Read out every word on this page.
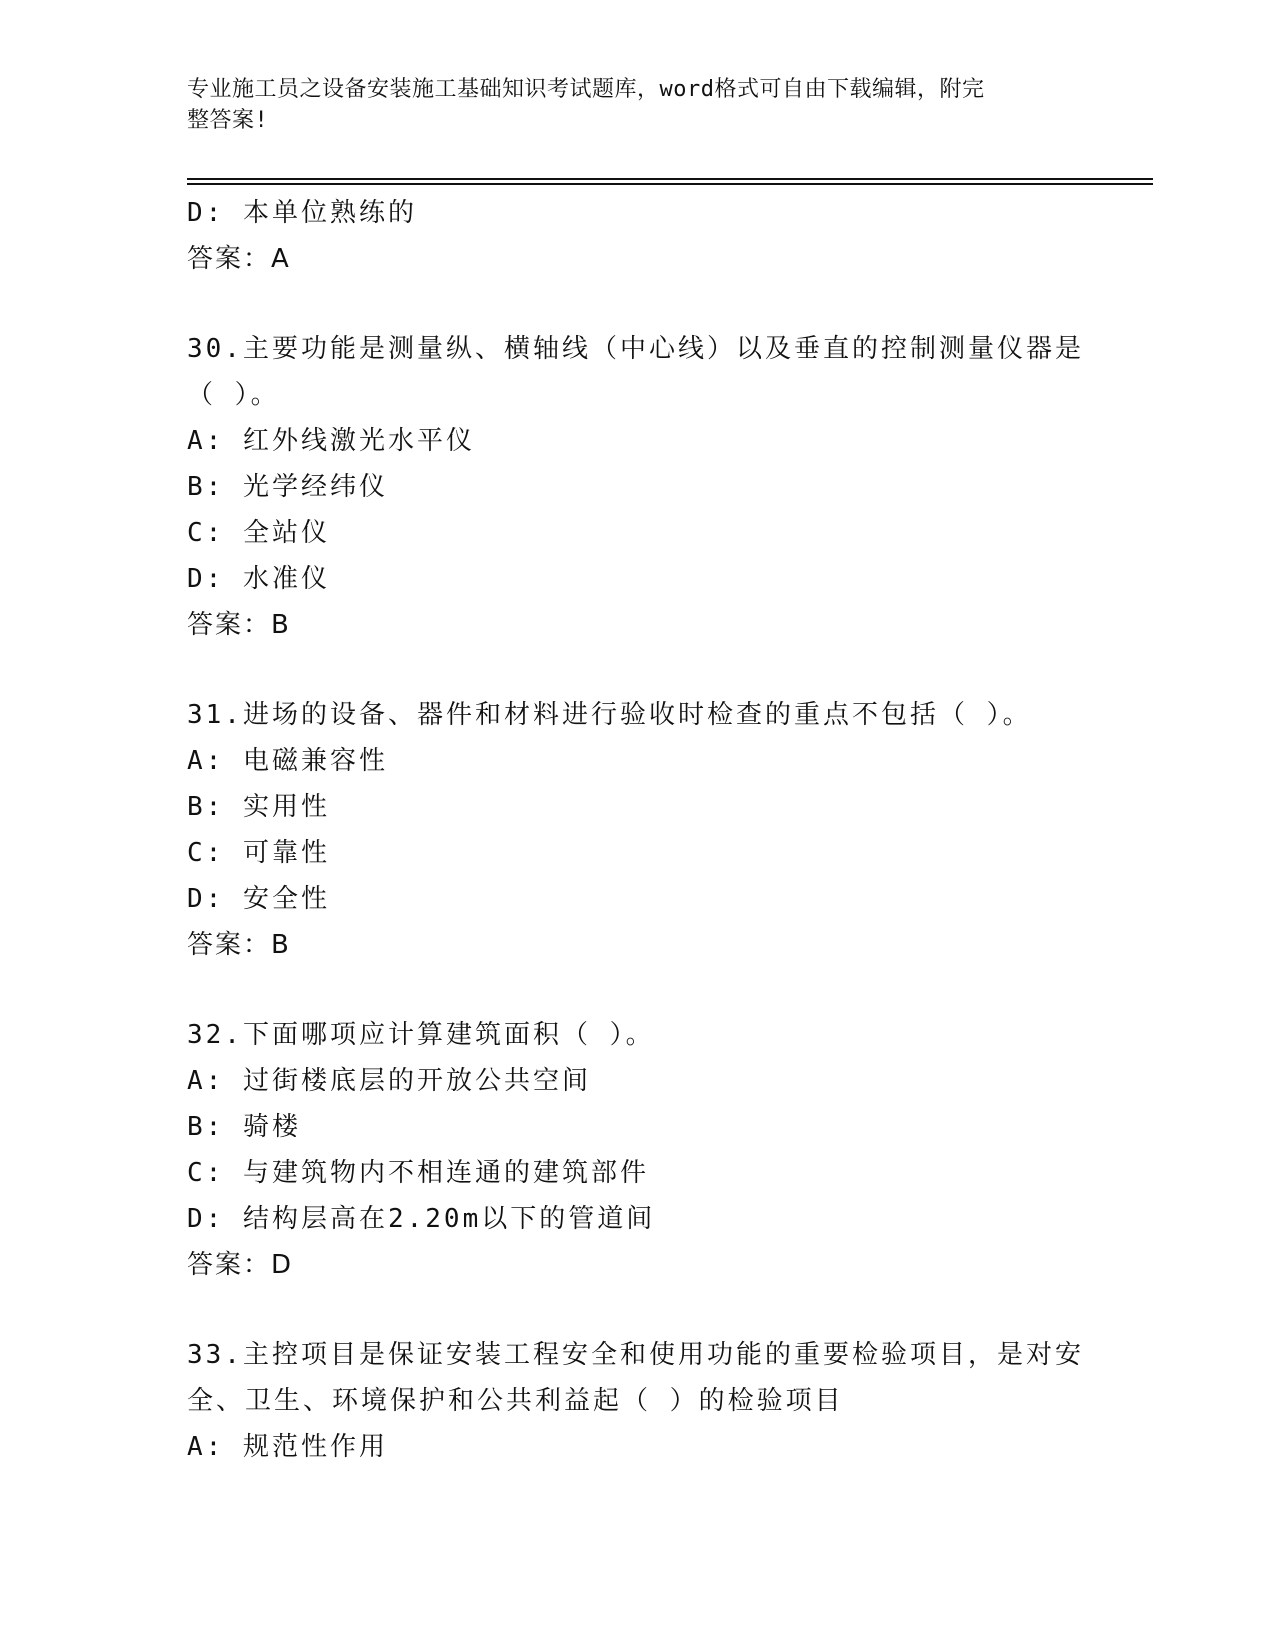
专业施工员之设备安装施工基础知识考试题库，word格式可自由下载编辑，附完
整答案!
D: 本单位熟练的
答案：A
30.主要功能是测量纵、横轴线（中心线）以及垂直的控制测量仪器是
（ ）。
A: 红外线激光水平仪
B: 光学经纬仪
C: 全站仪
D: 水准仪
答案：B
31.进场的设备、器件和材料进行验收时检查的重点不包括（ ）。
A: 电磁兼容性
B: 实用性
C: 可靠性
D: 安全性
答案：B
32.下面哪项应计算建筑面积（ ）。
A: 过街楼底层的开放公共空间
B: 骑楼
C: 与建筑物内不相连通的建筑部件
D: 结构层高在2.20m以下的管道间
答案：D
33.主控项目是保证安装工程安全和使用功能的重要检验项目，是对安
全、卫生、环境保护和公共利益起（ ）的检验项目
A: 规范性作用
